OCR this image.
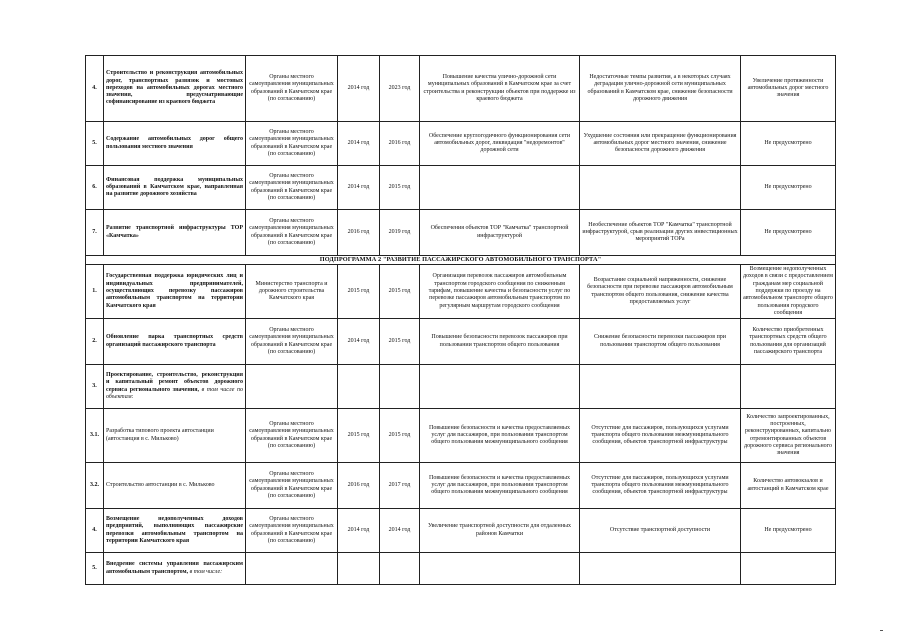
4.	Строительство и реконструкция автомобильных дорог, транспортных развязок и мостовых переходов на автомобильных дорогах местного значения, предусматривающие софинансирование из краевого бюджета	Органы местного самоуправления муниципальных образований в Камчатском крае (по согласованию)	2014 год	2023 год	Повышение качества улично-дорожной сети муниципальных образований в Камчатском крае за счет строительства и реконструкции объектов при поддержке из краевого бюджета	Недостаточные темпы развития, а в некоторых случаях деградация улично-дорожной сети муниципальных образований в Камчатском крае, снижение безопасности дорожного движения	Увеличение протяженности автомобильных дорог местного значения
5.	Содержание автомобильных дорог общего пользования местного значения	Органы местного самоуправления муниципальных образований в Камчатском крае (по согласованию)	2014 год	2016 год	Обеспечение круглогодичного функционирования сети автомобильных дорог, ликвидация "недоремонтов" дорожной сети	Ухудшение состояния или прекращение функционирования автомобильных дорог местного значения, снижение безопасности дорожного движения	Не предусмотрено
6.	Финансовая поддержка муниципальных образований в Камчатском крае, направленная на развитие дорожного хозяйства	Органы местного самоуправления муниципальных образований в Камчатском крае (по согласованию)	2014 год	2015 год			Не предусмотрено
7.	Развитие транспортной инфраструктуры ТОР «Камчатка»	Органы местного самоуправления муниципальных образований в Камчатском крае (по согласованию)	2016 год	2019 год	Обеспечения объектов ТОР "Камчатка" транспортной инфраструктурой	Необеспечение объектов ТОР "Камчатка" транспортной инфраструктурой, срыв реализации других инвестиционных мероприятий ТОРа	Не предусмотрено
ПОДПРОГРАММА 2 "РАЗВИТИЕ ПАССАЖИРСКОГО АВТОМОБИЛЬНОГО ТРАНСПОРТА"							
1.	Государственная поддержка юридических лиц и индивидуальных предпринимателей, осуществляющих перевозку пассажиров автомобильным транспортом на территории Камчатского края	Министерство транспорта и дорожного строительства Камчатского края	2015 год	2015 год	Организация перевозок пассажиров автомобильным транспортом городского сообщения по сниженным тарифам, повышение качества и безопасности услуг по перевозке пассажиров автомобильным транспортом по регулярным маршрутам городского сообщения	Возрастание социальной напряженности, снижение безопасности при перевозке пассажиров автомобильным транспортом общего пользования, снижение качества предоставляемых услуг	Возмещение недополученных доходов в связи с предоставлением гражданам мер социальной поддержки по проезду на автомобильном транспорте общего пользования городского сообщения
2.	Обновление парка транспортных средств организаций пассажирского транспорта	Органы местного самоуправления муниципальных образований в Камчатском крае (по согласованию)	2014 год	2015 год	Повышение безопасности перевозок пассажиров при пользовании транспортом общего пользования	Снижение безопасности перевозки пассажиров при пользовании транспортом общего пользования	Количество приобретенных транспортных средств общего пользования для организаций пассажирского транспорта
3.	Проектирование, строительство, реконструкция и капитальный ремонт объектов дорожного сервиса регионального значения, в том числе по объектам:						
3.1.	Разработка типового проекта автостанции (автостанция в с. Мильково)	Органы местного самоуправления муниципальных образований в Камчатском крае (по согласованию)	2015 год	2015 год	Повышение безопасности и качества предоставляемых услуг для пассажиров, при пользовании транспортом общего пользования межмуниципального сообщения	Отсутствие для пассажиров, пользующихся услугами транспорта общего пользования межмуниципального сообщения, объектов транспортной инфраструктуры	Количество запроектированных, построенных, реконструированных, капитально отремонтированных объектов дорожного сервиса регионального значения
3.2.	Строительство автостанции в с. Мильково	Органы местного самоуправления муниципальных образований в Камчатском крае (по согласованию)	2016 год	2017 год	Повышение безопасности и качества предоставляемых услуг для пассажиров, при пользовании транспортом общего пользования межмуниципального сообщения	Отсутствие для пассажиров, пользующихся услугами транспорта общего пользования межмуниципального сообщения, объектов транспортной инфраструктуры	Количество автовокзалов и автостанций в Камчатском крае
4.	Возмещение недополученных доходов предприятий, выполняющих пассажирские перевозки автомобильным транспортом на территории Камчатского края	Органы местного самоуправления муниципальных образований в Камчатском крае (по согласованию)	2014 год	2014 год	Увеличение транспортной доступности для отдаленных районов Камчатки	Отсутствие транспортной доступности	Не предусмотрено
5.	Внедрение системы управления пассажирским автомобильным транспортом, в том числе:						
